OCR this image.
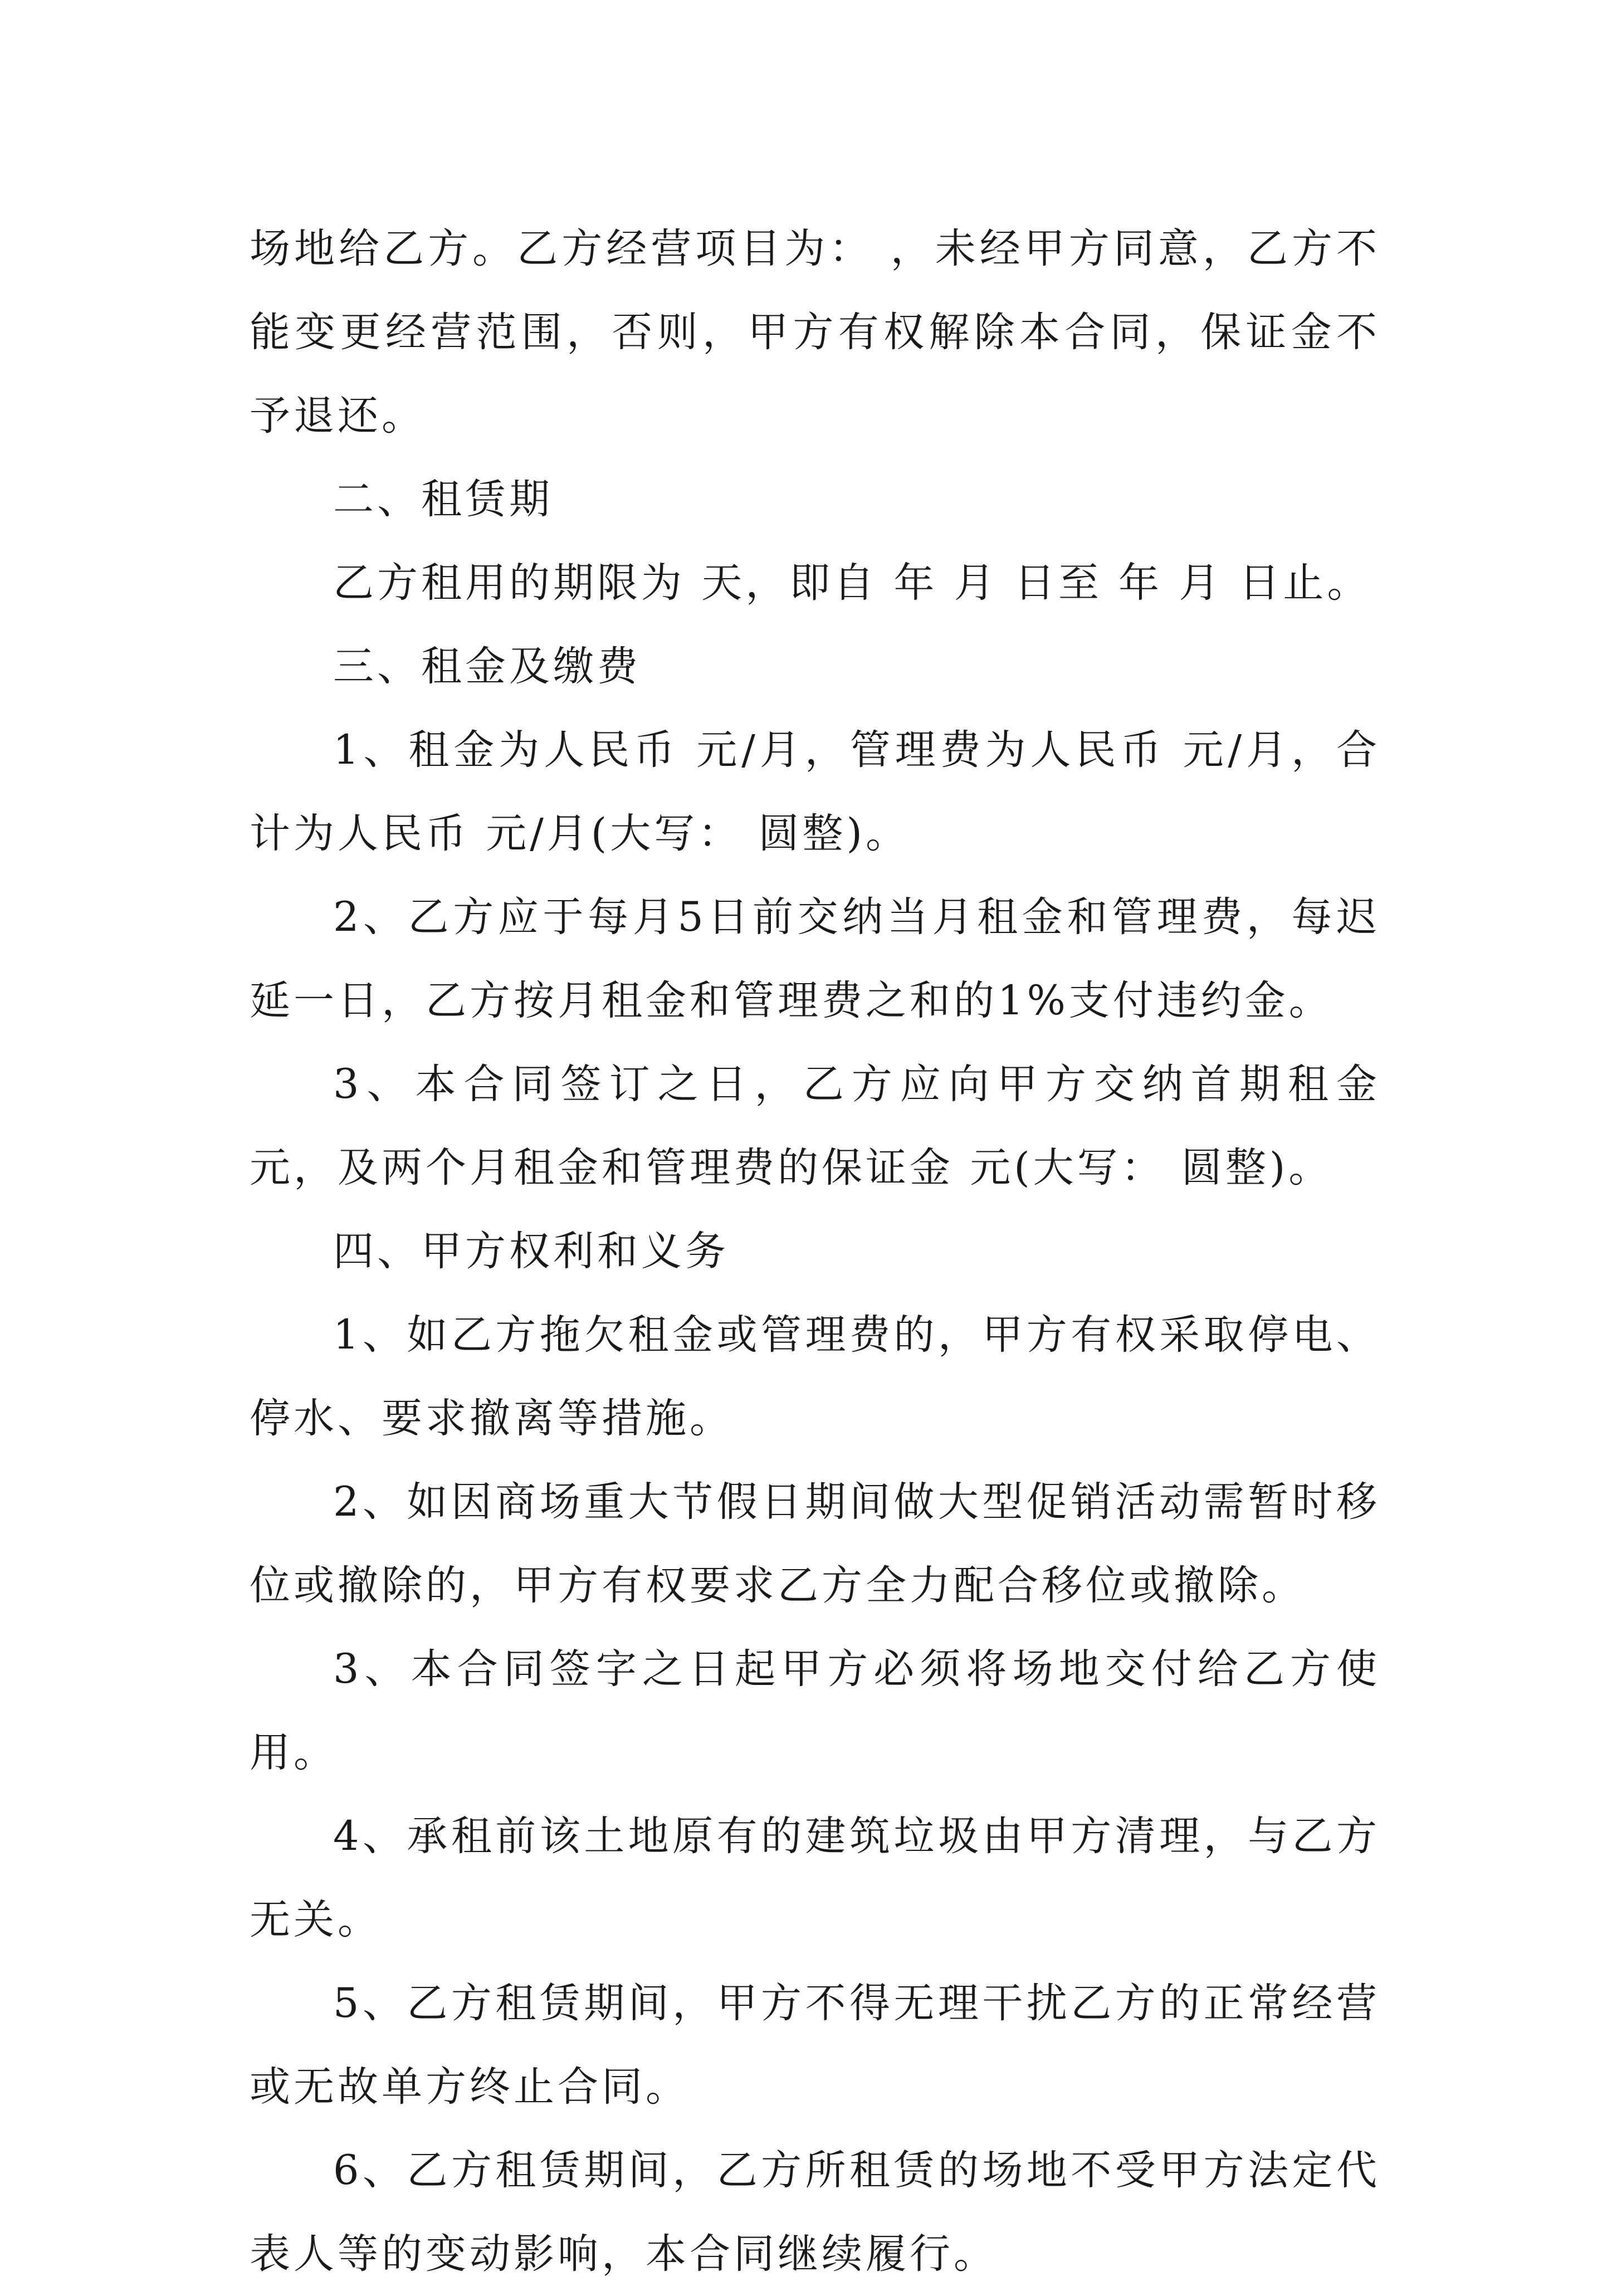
场地给乙方。乙方经营项目为： ，未经甲方同意，乙方不能变更经营范围，否则，甲方有权解除本合同，保证金不予退还。

二、租赁期

乙方租用的期限为 天，即自 年 月 日至 年 月 日止。

三、租金及缴费

1、租金为人民币 元/月，管理费为人民币 元/月，合计为人民币 元/月(大写： 圆整)。

2、乙方应于每月5日前交纳当月租金和管理费，每迟延一日，乙方按月租金和管理费之和的1%支付违约金。

3、本合同签订之日，乙方应向甲方交纳首期租金 元，及两个月租金和管理费的保证金 元(大写： 圆整)。

四、甲方权利和义务

1、如乙方拖欠租金或管理费的，甲方有权采取停电、停水、要求撤离等措施。

2、如因商场重大节假日期间做大型促销活动需暂时移位或撤除的，甲方有权要求乙方全力配合移位或撤除。

3、本合同签字之日起甲方必须将场地交付给乙方使用。

4、承租前该土地原有的建筑垃圾由甲方清理，与乙方无关。

5、乙方租赁期间，甲方不得无理干扰乙方的正常经营或无故单方终止合同。

6、乙方租赁期间，乙方所租赁的场地不受甲方法定代表人等的变动影响，本合同继续履行。
